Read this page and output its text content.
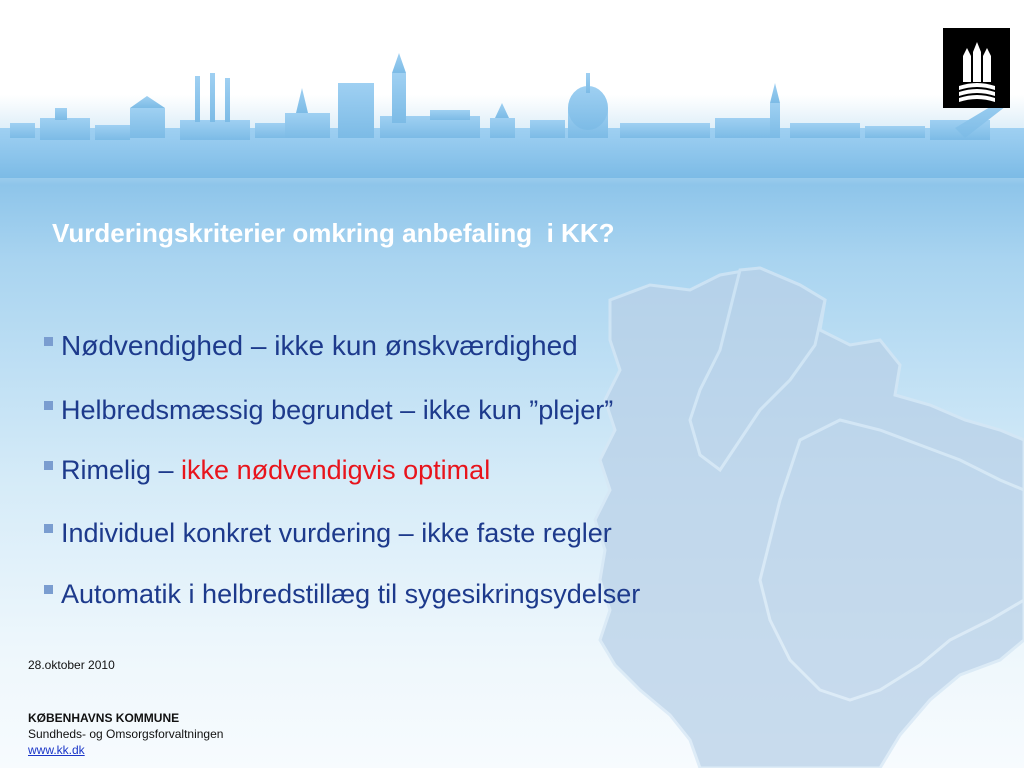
Vurderingskriterier omkring anbefaling  i KK?
Nødvendighed – ikke kun ønskværdighed
Helbredsmæssig begrundet – ikke kun ”plejer”
Rimelig – ikke nødvendigvis optimal
Individuel konkret vurdering – ikke faste regler
Automatik i helbredstillæg til sygesikringsydelser
28.oktober 2010
KØBENHAVNS KOMMUNE
Sundheds- og Omsorgsforvaltningen
www.kk.dk
